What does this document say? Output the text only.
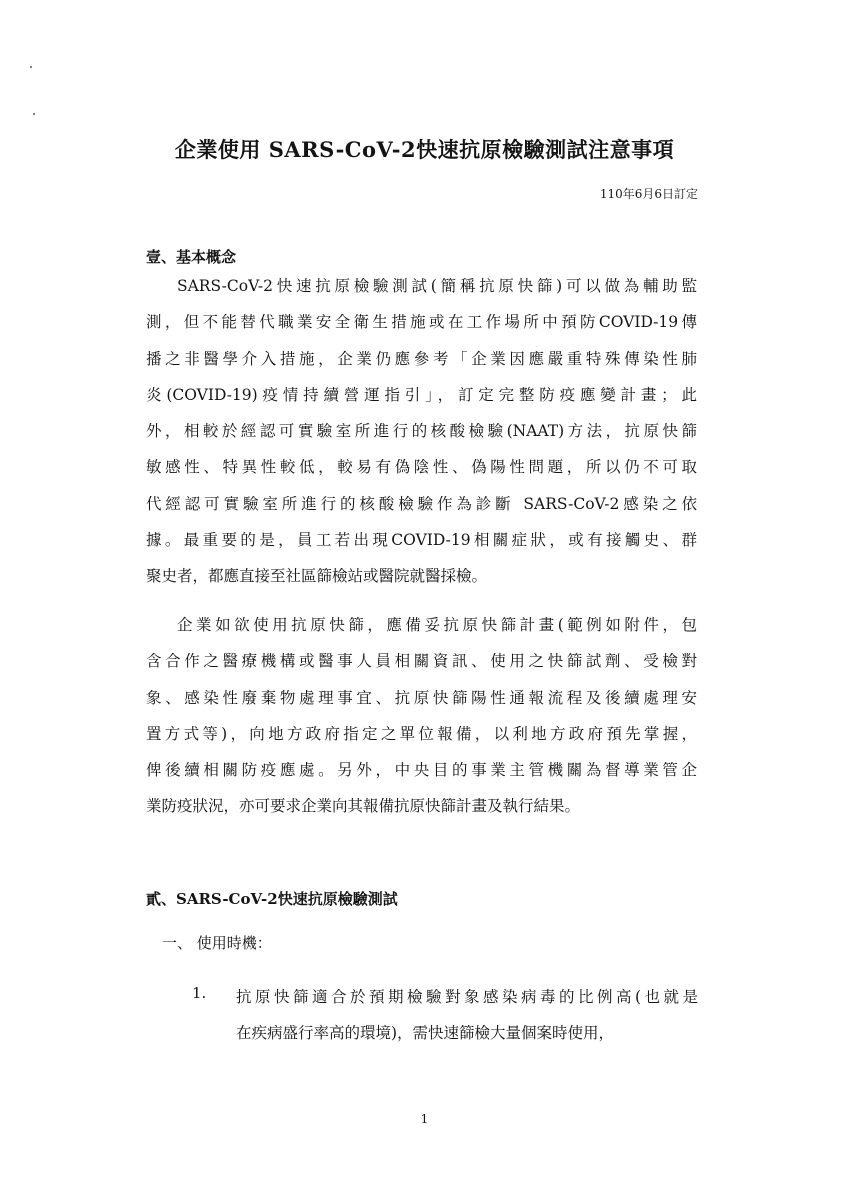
企業使用 SARS-CoV-2快速抗原檢驗測試注意事項
110年6月6日訂定
壹、基本概念
SARS-CoV-2快速抗原檢驗測試(簡稱抗原快篩)可以做為輔助監
測，但不能替代職業安全衛生措施或在工作場所中預防COVID-19傳
播之非醫學介入措施，企業仍應參考「企業因應嚴重特殊傳染性肺
炎(COVID-19)疫情持續營運指引」，訂定完整防疫應變計畫；此
外，相較於經認可實驗室所進行的核酸檢驗(NAAT)方法，抗原快篩
敏感性、特異性較低，較易有偽陰性、偽陽性問題，所以仍不可取
代經認可實驗室所進行的核酸檢驗作為診斷 SARS-CoV-2感染之依
據。最重要的是，員工若出現COVID-19相關症狀，或有接觸史、群
聚史者，都應直接至社區篩檢站或醫院就醫採檢。
企業如欲使用抗原快篩，應備妥抗原快篩計畫(範例如附件，包
含合作之醫療機構或醫事人員相關資訊、使用之快篩試劑、受檢對
象、感染性廢棄物處理事宜、抗原快篩陽性通報流程及後續處理安
置方式等)，向地方政府指定之單位報備，以利地方政府預先掌握，
俾後續相關防疫應處。另外，中央目的事業主管機關為督導業管企
業防疫狀況，亦可要求企業向其報備抗原快篩計畫及執行結果。
貳、SARS-CoV-2快速抗原檢驗測試
一、 使用時機：
1. 抗原快篩適合於預期檢驗對象感染病毒的比例高(也就是
在疾病盛行率高的環境)，需快速篩檢大量個案時使用，
1
